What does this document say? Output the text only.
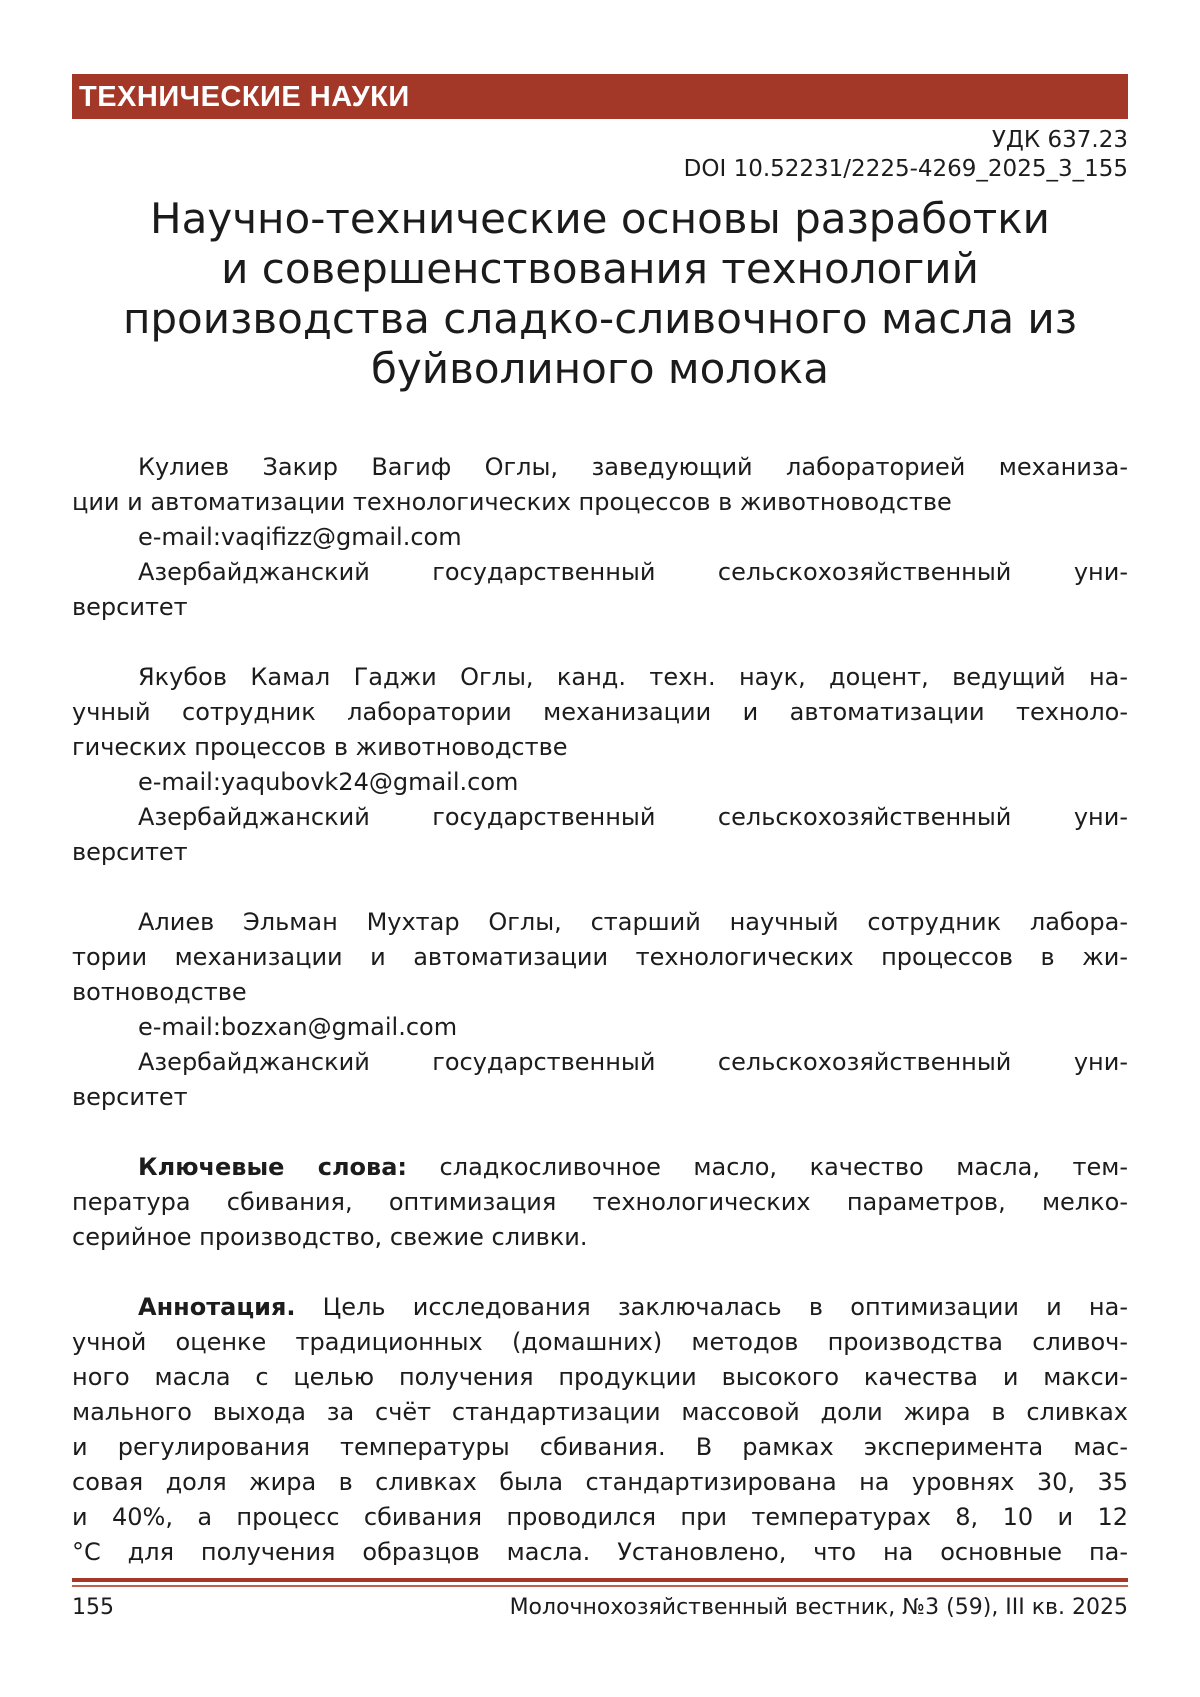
ТЕХНИЧЕСКИЕ НАУКИ
УДК 637.23
DOI 10.52231/2225-4269_2025_3_155
Научно-технические основы разработки
и совершенствования технологий
производства сладко-сливочного масла из
буйволиного молока
Кулиев Закир Вагиф Оглы, заведующий лабораторией механиза-
ции и автоматизации технологических процессов в животноводстве
e-mail:vaqifizz@gmail.com
Азербайджанский государственный сельскохозяйственный уни-
верситет
Якубов Камал Гаджи Оглы, канд. техн. наук, доцент, ведущий на-
учный сотрудник лаборатории механизации и автоматизации техноло-
гических процессов в животноводстве
e-mail:yaqubovk24@gmail.com
Азербайджанский государственный сельскохозяйственный уни-
верситет
Алиев Эльман Мухтар Оглы, старший научный сотрудник лабора-
тории механизации и автоматизации технологических процессов в жи-
вотноводстве
e-mail:bozxan@gmail.com
Азербайджанский государственный сельскохозяйственный уни-
верситет
Ключевые слова: сладкосливочное масло, качество масла, тем-
пература сбивания, оптимизация технологических параметров, мелко-
серийное производство, свежие сливки.
Аннотация. Цель исследования заключалась в оптимизации и на-
учной оценке традиционных (домашних) методов производства сливоч-
ного масла с целью получения продукции высокого качества и макси-
мального выхода за счёт стандартизации массовой доли жира в сливках
и регулирования температуры сбивания. В рамках эксперимента мас-
совая доля жира в сливках была стандартизирована на уровнях 30, 35
и 40%, а процесс сбивания проводился при температурах 8, 10 и 12
°С для получения образцов масла. Установлено, что на основные па-
155	Молочнохозяйственный вестник, №3 (59), III кв. 2025
